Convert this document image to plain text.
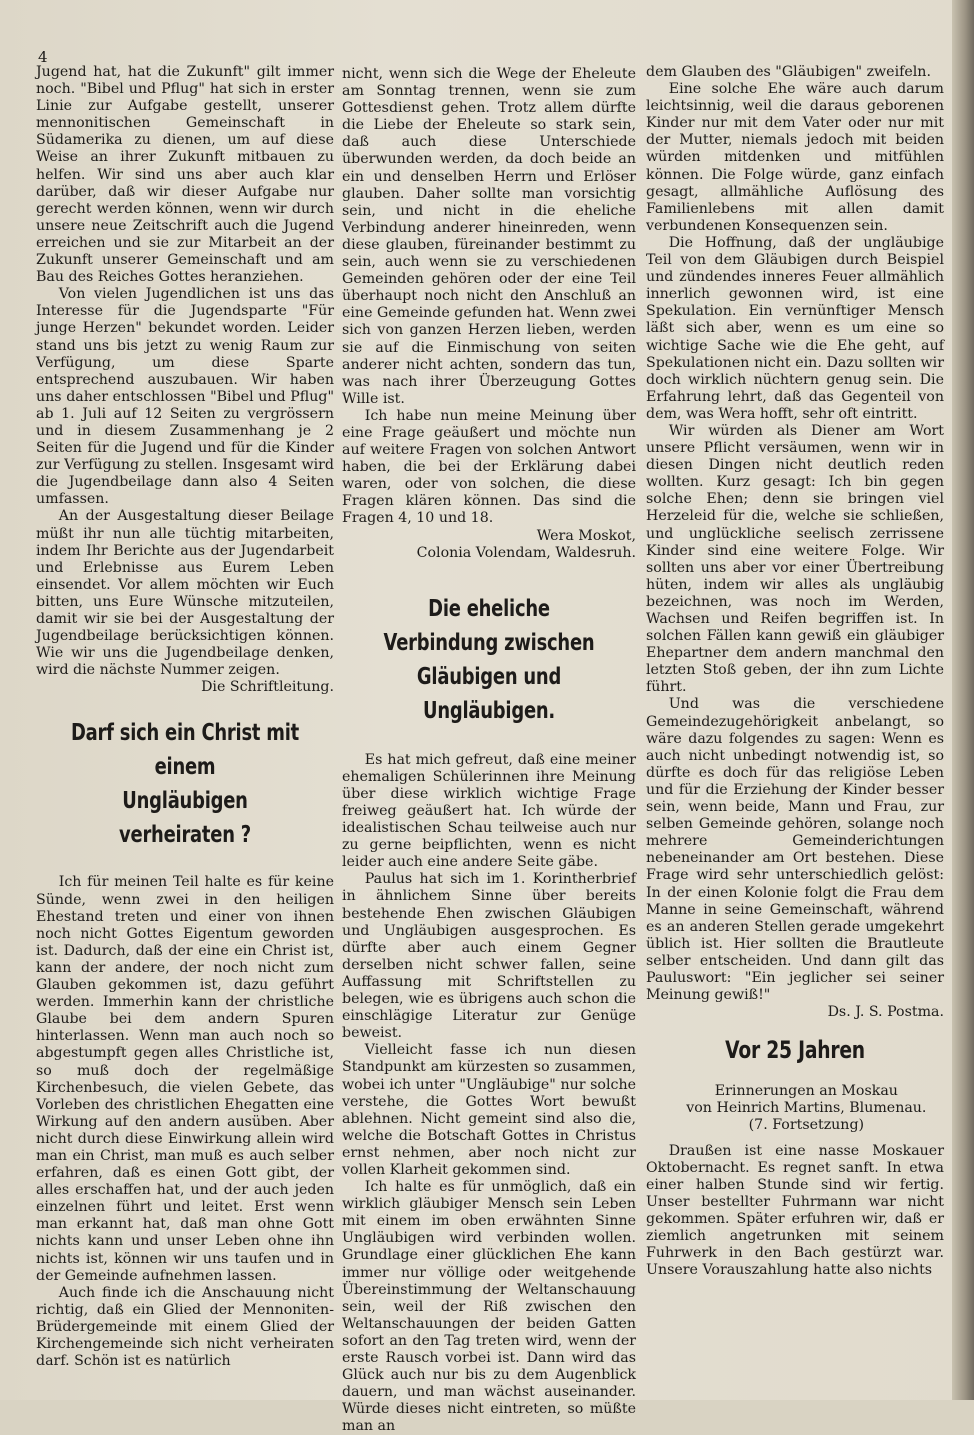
4

Jugend hat, hat die Zukunft" gilt immer noch. "Bibel und Pflug" hat sich in erster Linie zur Aufgabe gestellt, unserer mennonitischen Gemeinschaft in Südamerika zu dienen, um auf diese Weise an ihrer Zukunft mitbauen zu helfen. Wir sind uns aber auch klar darüber, daß wir dieser Aufgabe nur gerecht werden können, wenn wir durch unsere neue Zeitschrift auch die Jugend erreichen und sie zur Mitarbeit an der Zukunft unserer Gemeinschaft und am Bau des Reiches Gottes heranziehen.

Von vielen Jugendlichen ist uns das Interesse für die Jugendsparte "Für junge Herzen" bekundet worden. Leider stand uns bis jetzt zu wenig Raum zur Verfügung, um diese Sparte entsprechend auszubauen. Wir haben uns daher entschlossen "Bibel und Pflug" ab 1. Juli auf 12 Seiten zu vergrössern und in diesem Zusammenhang je 2 Seiten für die Jugend und für die Kinder zur Verfügung zu stellen. Insgesamt wird die Jugendbeilage dann also 4 Seiten umfassen.

An der Ausgestaltung dieser Beilage müßt ihr nun alle tüchtig mitarbeiten, indem Ihr Berichte aus der Jugendarbeit und Erlebnisse aus Eurem Leben einsendet. Vor allem möchten wir Euch bitten, uns Eure Wünsche mitzuteilen, damit wir sie bei der Ausgestaltung der Jugendbeilage berücksichtigen können. Wie wir uns die Jugendbeilage denken, wird die nächste Nummer zeigen.

Die Schriftleitung.

Darf sich ein Christ mit einem
Ungläubigen verheiraten ?

Ich für meinen Teil halte es für keine Sünde, wenn zwei in den heiligen Ehestand treten und einer von ihnen noch nicht Gottes Eigentum geworden ist. Dadurch, daß der eine ein Christ ist, kann der andere, der noch nicht zum Glauben gekommen ist, dazu geführt werden. Immerhin kann der christliche Glaube bei dem andern Spuren hinterlassen. Wenn man auch noch so abgestumpft gegen alles Christliche ist, so muß doch der regelmäßige Kirchenbesuch, die vielen Gebete, das Vorleben des christlichen Ehegatten eine Wirkung auf den andern ausüben. Aber nicht durch diese Einwirkung allein wird man ein Christ, man muß es auch selber erfahren, daß es einen Gott gibt, der alles erschaffen hat, und der auch jeden einzelnen führt und leitet. Erst wenn man erkannt hat, daß man ohne Gott nichts kann und unser Leben ohne ihn nichts ist, können wir uns taufen und in der Gemeinde aufnehmen lassen.

Auch finde ich die Anschauung nicht richtig, daß ein Glied der Mennoniten-Brüdergemeinde mit einem Glied der Kirchengemeinde sich nicht verheiraten darf. Schön ist es natürlich

nicht, wenn sich die Wege der Eheleute am Sonntag trennen, wenn sie zum Gottesdienst gehen. Trotz allem dürfte die Liebe der Eheleute so stark sein, daß auch diese Unterschiede überwunden werden, da doch beide an ein und denselben Herrn und Erlöser glauben. Daher sollte man vorsichtig sein, und nicht in die eheliche Verbindung anderer hineinreden, wenn diese glauben, füreinander bestimmt zu sein, auch wenn sie zu verschiedenen Gemeinden gehören oder der eine Teil überhaupt noch nicht den Anschluß an eine Gemeinde gefunden hat. Wenn zwei sich von ganzen Herzen lieben, werden sie auf die Einmischung von seiten anderer nicht achten, sondern das tun, was nach ihrer Überzeugung Gottes Wille ist.

Ich habe nun meine Meinung über eine Frage geäußert und möchte nun auf weitere Fragen von solchen Antwort haben, die bei der Erklärung dabei waren, oder von solchen, die diese Fragen klären können. Das sind die Fragen 4, 10 und 18.

Wera Moskot,

Colonia Volendam, Waldesruh.

Die eheliche Verbindung zwischen
Gläubigen und Ungläubigen.

Es hat mich gefreut, daß eine meiner ehemaligen Schülerinnen ihre Meinung über diese wirklich wichtige Frage freiweg geäußert hat. Ich würde der idealistischen Schau teilweise auch nur zu gerne beipflichten, wenn es nicht leider auch eine andere Seite gäbe.

Paulus hat sich im 1. Korintherbrief in ähnlichem Sinne über bereits bestehende Ehen zwischen Gläubigen und Ungläubigen ausgesprochen. Es dürfte aber auch einem Gegner derselben nicht schwer fallen, seine Auffassung mit Schriftstellen zu belegen, wie es übrigens auch schon die einschlägige Literatur zur Genüge beweist.

Vielleicht fasse ich nun diesen Standpunkt am kürzesten so zusammen, wobei ich unter "Ungläubige" nur solche verstehe, die Gottes Wort bewußt ablehnen. Nicht gemeint sind also die, welche die Botschaft Gottes in Christus ernst nehmen, aber noch nicht zur vollen Klarheit gekommen sind.

Ich halte es für unmöglich, daß ein wirklich gläubiger Mensch sein Leben mit einem im oben erwähnten Sinne Ungläubigen wird verbinden wollen. Grundlage einer glücklichen Ehe kann immer nur völlige oder weitgehende Übereinstimmung der Weltanschauung sein, weil der Riß zwischen den Weltanschauungen der beiden Gatten sofort an den Tag treten wird, wenn der erste Rausch vorbei ist. Dann wird das Glück auch nur bis zu dem Augenblick dauern, und man wächst auseinander. Würde dieses nicht eintreten, so müßte man an

dem Glauben des "Gläubigen" zweifeln.

Eine solche Ehe wäre auch darum leichtsinnig, weil die daraus geborenen Kinder nur mit dem Vater oder nur mit der Mutter, niemals jedoch mit beiden würden mitdenken und mitfühlen können. Die Folge würde, ganz einfach gesagt, allmähliche Auflösung des Familienlebens mit allen damit verbundenen Konsequenzen sein.

Die Hoffnung, daß der ungläubige Teil von dem Gläubigen durch Beispiel und zündendes inneres Feuer allmählich innerlich gewonnen wird, ist eine Spekulation. Ein vernünftiger Mensch läßt sich aber, wenn es um eine so wichtige Sache wie die Ehe geht, auf Spekulationen nicht ein. Dazu sollten wir doch wirklich nüchtern genug sein. Die Erfahrung lehrt, daß das Gegenteil von dem, was Wera hofft, sehr oft eintritt.

Wir würden als Diener am Wort unsere Pflicht versäumen, wenn wir in diesen Dingen nicht deutlich reden wollten. Kurz gesagt: Ich bin gegen solche Ehen; denn sie bringen viel Herzeleid für die, welche sie schließen, und unglückliche seelisch zerrissene Kinder sind eine weitere Folge. Wir sollten uns aber vor einer Übertreibung hüten, indem wir alles als ungläubig bezeichnen, was noch im Werden, Wachsen und Reifen begriffen ist. In solchen Fällen kann gewiß ein gläubiger Ehepartner dem andern manchmal den letzten Stoß geben, der ihn zum Lichte führt.

Und was die verschiedene Gemeindezugehörigkeit anbelangt, so wäre dazu folgendes zu sagen: Wenn es auch nicht unbedingt notwendig ist, so dürfte es doch für das religiöse Leben und für die Erziehung der Kinder besser sein, wenn beide, Mann und Frau, zur selben Gemeinde gehören, solange noch mehrere Gemeinderichtungen nebeneinander am Ort bestehen. Diese Frage wird sehr unterschiedlich gelöst: In der einen Kolonie folgt die Frau dem Manne in seine Gemeinschaft, während es an anderen Stellen gerade umgekehrt üblich ist. Hier sollten die Brautleute selber entscheiden. Und dann gilt das Pauluswort: "Ein jeglicher sei seiner Meinung gewiß!"

Ds. J. S. Postma.

Vor 25 Jahren

Erinnerungen an Moskau

von Heinrich Martins, Blumenau.

(7. Fortsetzung)

Draußen ist eine nasse Moskauer Oktobernacht. Es regnet sanft. In etwa einer halben Stunde sind wir fertig. Unser bestellter Fuhrmann war nicht gekommen. Später erfuhren wir, daß er ziemlich angetrunken mit seinem Fuhrwerk in den Bach gestürzt war. Unsere Vorauszahlung hatte also nichts
